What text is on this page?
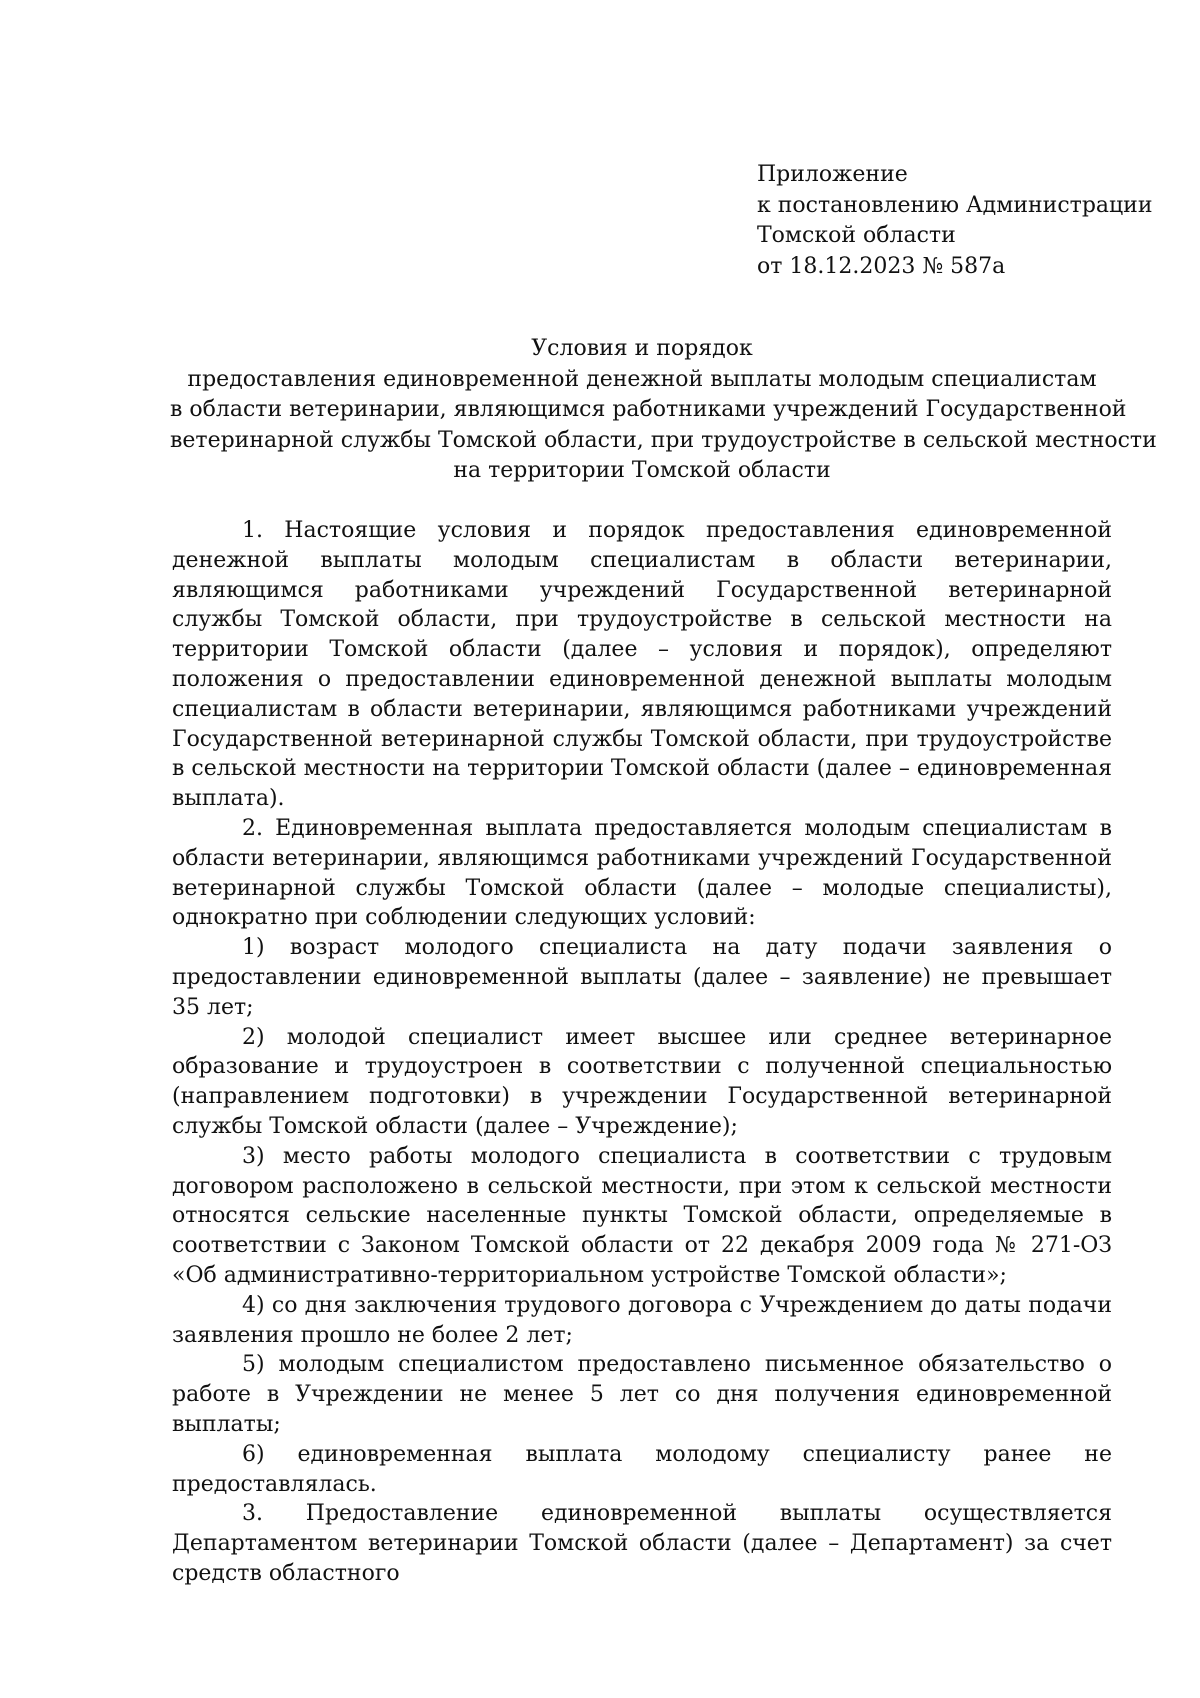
Приложение
к постановлению Администрации
Томской области
от 18.12.2023 № 587а
Условия и порядок
предоставления единовременной денежной выплаты молодым специалистам
в области ветеринарии, являющимся работниками учреждений Государственной
ветеринарной службы Томской области, при трудоустройстве в сельской местности
на территории Томской области

1. Настоящие условия и порядок предоставления единовременной денежной выплаты молодым специалистам в области ветеринарии, являющимся работниками учреждений Государственной ветеринарной службы Томской области, при трудоустройстве в сельской местности на территории Томской области (далее – условия и порядок), определяют положения о предоставлении единовременной денежной выплаты молодым специалистам в области ветеринарии, являющимся работниками учреждений Государственной ветеринарной службы Томской области, при трудоустройстве в сельской местности на территории Томской области (далее – единовременная выплата).

2. Единовременная выплата предоставляется молодым специалистам в области ветеринарии, являющимся работниками учреждений Государственной ветеринарной службы Томской области (далее – молодые специалисты), однократно при соблюдении следующих условий:

1) возраст молодого специалиста на дату подачи заявления о предоставлении единовременной выплаты (далее – заявление) не превышает 35 лет;

2) молодой специалист имеет высшее или среднее ветеринарное образование и трудоустроен в соответствии с полученной специальностью (направлением подготовки) в учреждении Государственной ветеринарной службы Томской области (далее – Учреждение);

3) место работы молодого специалиста в соответствии с трудовым договором расположено в сельской местности, при этом к сельской местности относятся сельские населенные пункты Томской области, определяемые в соответствии с Законом Томской области от 22 декабря 2009 года № 271-ОЗ «Об административно-территориальном устройстве Томской области»;

4) со дня заключения трудового договора с Учреждением до даты подачи заявления прошло не более 2 лет;

5) молодым специалистом предоставлено письменное обязательство о работе в Учреждении не менее 5 лет со дня получения единовременной выплаты;

6) единовременная выплата молодому специалисту ранее не предоставлялась.

3. Предоставление единовременной выплаты осуществляется Департаментом ветеринарии Томской области (далее – Департамент) за счет средств областного
